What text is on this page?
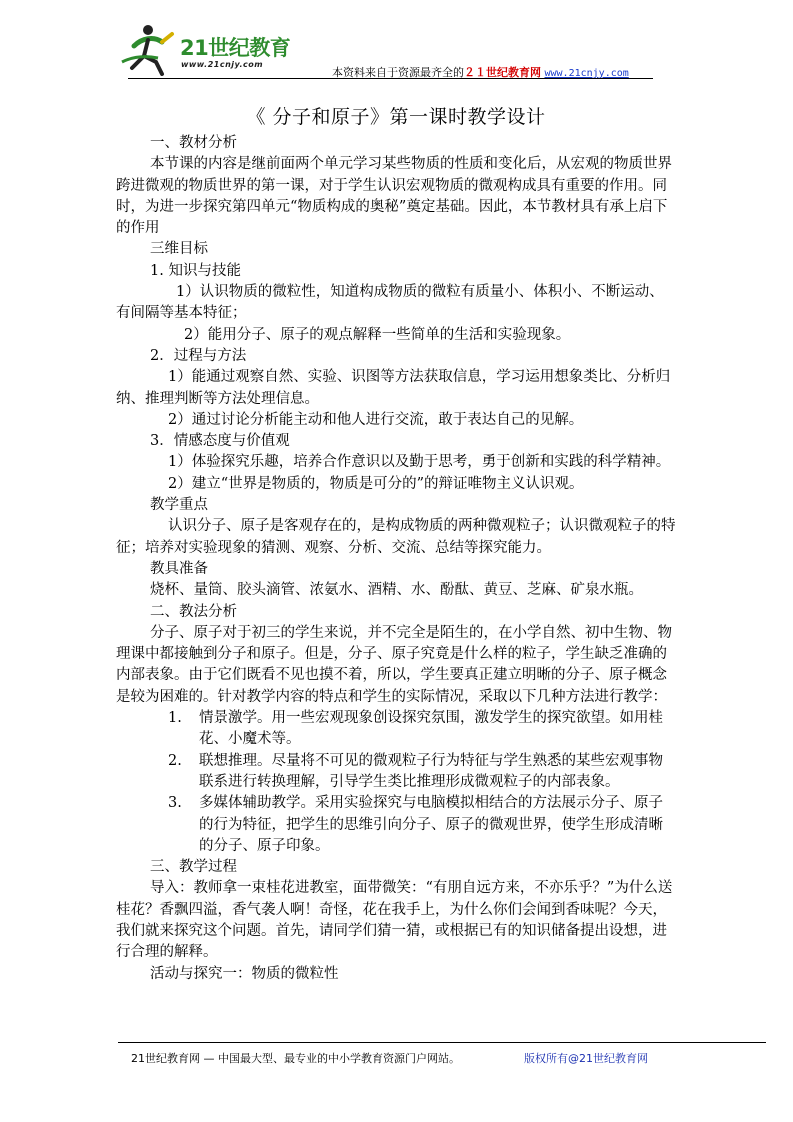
21世纪教育
www.21cnjy.com
本资料来自于资源最齐全的２１世纪教育网 www.21cnjy.com
《 分子和原子》第一课时教学设计

一、教材分析

本节课的内容是继前面两个单元学习某些物质的性质和变化后，从宏观的物质世界跨进微观的物质世界的第一课，对于学生认识宏观物质的微观构成具有重要的作用。同时，为进一步探究第四单元“物质构成的奥秘”奠定基础。因此，本节教材具有承上启下的作用

三维目标

1. 知识与技能

1）认识物质的微粒性，知道构成物质的微粒有质量小、体积小、不断运动、有间隔等基本特征；

2）能用分子、原子的观点解释一些简单的生活和实验现象。

2．过程与方法

1）能通过观察自然、实验、识图等方法获取信息，学习运用想象类比、分析归纳、推理判断等方法处理信息。

2）通过讨论分析能主动和他人进行交流，敢于表达自己的见解。

3．情感态度与价值观

1）体验探究乐趣，培养合作意识以及勤于思考，勇于创新和实践的科学精神。

2）建立“世界是物质的，物质是可分的”的辩证唯物主义认识观。

教学重点

认识分子、原子是客观存在的，是构成物质的两种微观粒子；认识微观粒子的特征；培养对实验现象的猜测、观察、分析、交流、总结等探究能力。

教具准备

烧杯、量筒、胶头滴管、浓氨水、酒精、水、酚酞、黄豆、芝麻、矿泉水瓶。

二、教法分析

分子、原子对于初三的学生来说，并不完全是陌生的，在小学自然、初中生物、物理课中都接触到分子和原子。但是，分子、原子究竟是什么样的粒子，学生缺乏准确的内部表象。由于它们既看不见也摸不着，所以，学生要真正建立明晰的分子、原子概念是较为困难的。针对教学内容的特点和学生的实际情况，采取以下几种方法进行教学：

1. 情景激学。用一些宏观现象创设探究氛围，激发学生的探究欲望。如用桂花、小魔术等。
2. 联想推理。尽量将不可见的微观粒子行为特征与学生熟悉的某些宏观事物联系进行转换理解，引导学生类比推理形成微观粒子的内部表象。
3. 多媒体辅助教学。采用实验探究与电脑模拟相结合的方法展示分子、原子的行为特征，把学生的思维引向分子、原子的微观世界，使学生形成清晰的分子、原子印象。

三、教学过程

导入：教师拿一束桂花进教室，面带微笑：“有朋自远方来，不亦乐乎？”为什么送桂花？香飘四溢，香气袭人啊！奇怪，花在我手上，为什么你们会闻到香味呢？今天，我们就来探究这个问题。首先，请同学们猜一猜，或根据已有的知识储备提出设想，进行合理的解释。

活动与探究一：物质的微粒性

21世纪教育网 — 中国最大型、最专业的中小学教育资源门户网站。	版权所有@21世纪教育网
